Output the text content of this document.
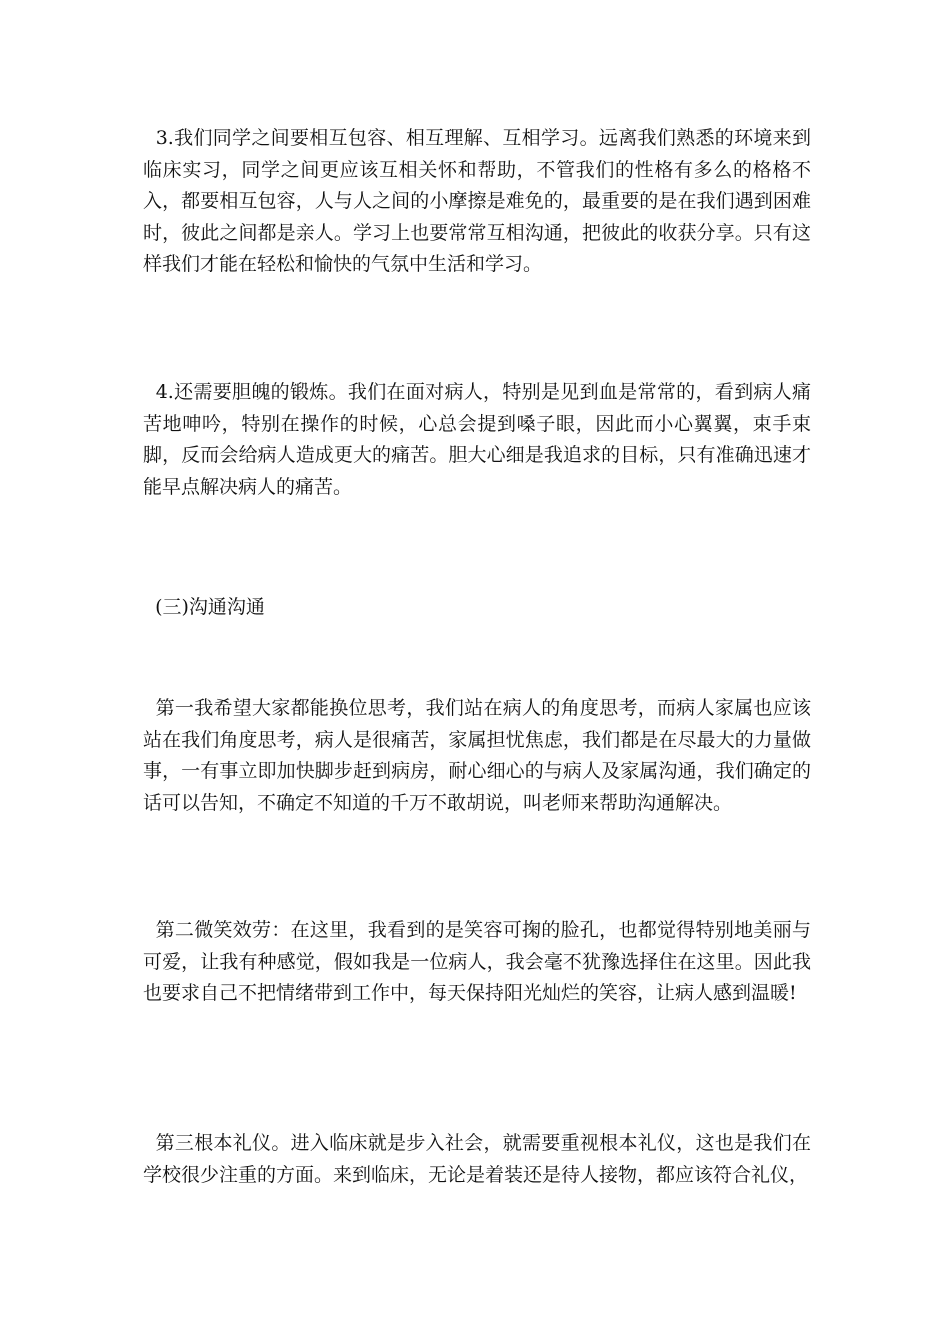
3.我们同学之间要相互包容、相互理解、互相学习。远离我们熟悉的环境来到临床实习，同学之间更应该互相关怀和帮助，不管我们的性格有多么的格格不入，都要相互包容，人与人之间的小摩擦是难免的，最重要的是在我们遇到困难时，彼此之间都是亲人。学习上也要常常互相沟通，把彼此的收获分享。只有这样我们才能在轻松和愉快的气氛中生活和学习。

4.还需要胆魄的锻炼。我们在面对病人，特别是见到血是常常的，看到病人痛苦地呻吟，特别在操作的时候，心总会提到嗓子眼，因此而小心翼翼，束手束脚，反而会给病人造成更大的痛苦。胆大心细是我追求的目标，只有准确迅速才能早点解决病人的痛苦。

(三)沟通沟通

第一我希望大家都能换位思考，我们站在病人的角度思考，而病人家属也应该站在我们角度思考，病人是很痛苦，家属担忧焦虑，我们都是在尽最大的力量做事，一有事立即加快脚步赶到病房，耐心细心的与病人及家属沟通，我们确定的话可以告知，不确定不知道的千万不敢胡说，叫老师来帮助沟通解决。

第二微笑效劳：在这里，我看到的是笑容可掬的脸孔，也都觉得特别地美丽与可爱，让我有种感觉，假如我是一位病人，我会毫不犹豫选择住在这里。因此我也要求自己不把情绪带到工作中，每天保持阳光灿烂的笑容，让病人感到温暖!

第三根本礼仪。进入临床就是步入社会，就需要重视根本礼仪，这也是我们在学校很少注重的方面。来到临床，无论是着装还是待人接物，都应该符合礼仪，
